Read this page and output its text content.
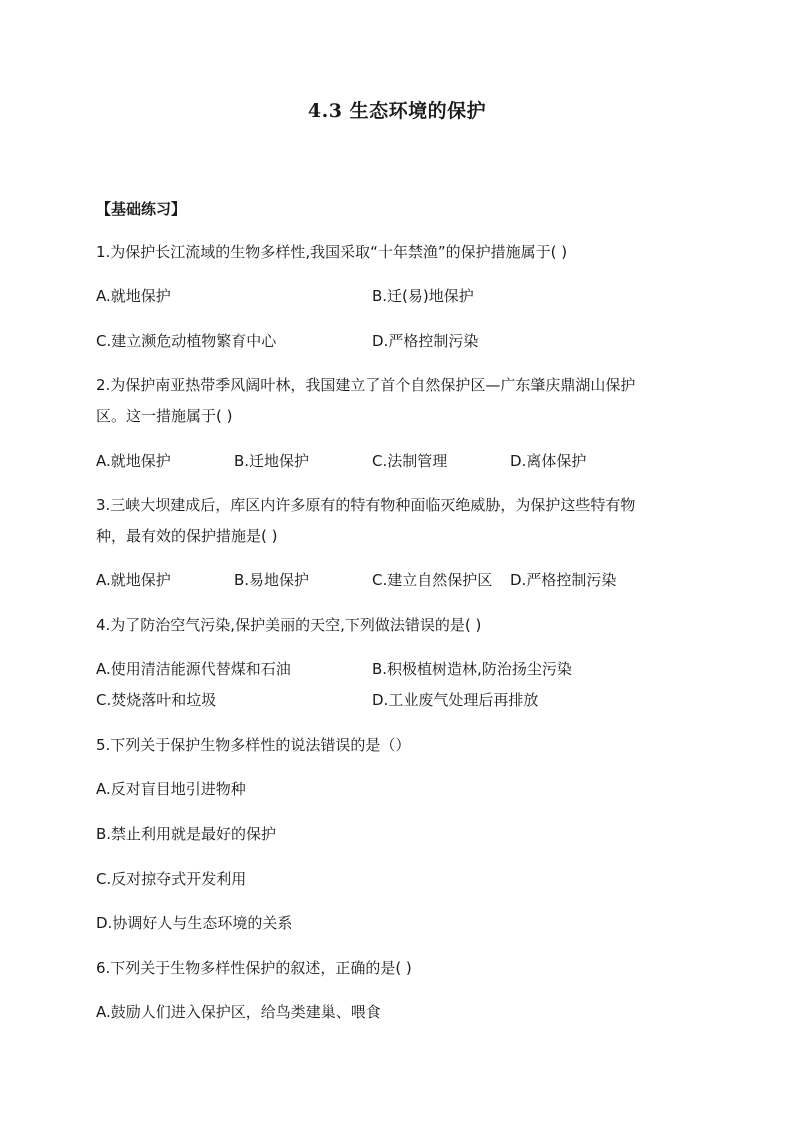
4.3 生态环境的保护
【基础练习】
1.为保护长江流域的生物多样性,我国采取“十年禁渔”的保护措施属于( )
A.就地保护	B.迁(易)地保护
C.建立濒危动植物繁育中心	D.严格控制污染
2.为保护南亚热带季风阔叶林，我国建立了首个自然保护区—广东肇庆鼎湖山保护
区。这一措施属于( )
A.就地保护	B.迁地保护	C.法制管理	D.离体保护
3.三峡大坝建成后，库区内许多原有的特有物种面临灭绝威胁，为保护这些特有物
种，最有效的保护措施是( )
A.就地保护	B.易地保护	C.建立自然保护区 D.严格控制污染
4.为了防治空气污染,保护美丽的天空,下列做法错误的是( )
A.使用清洁能源代替煤和石油	B.积极植树造林,防治扬尘污染
C.焚烧落叶和垃圾	D.工业废气处理后再排放
5.下列关于保护生物多样性的说法错误的是（）
A.反对盲目地引进物种
B.禁止利用就是最好的保护
C.反对掠夺式开发利用
D.协调好人与生态环境的关系
6.下列关于生物多样性保护的叙述，正确的是( )
A.鼓励人们进入保护区，给鸟类建巢、喂食
